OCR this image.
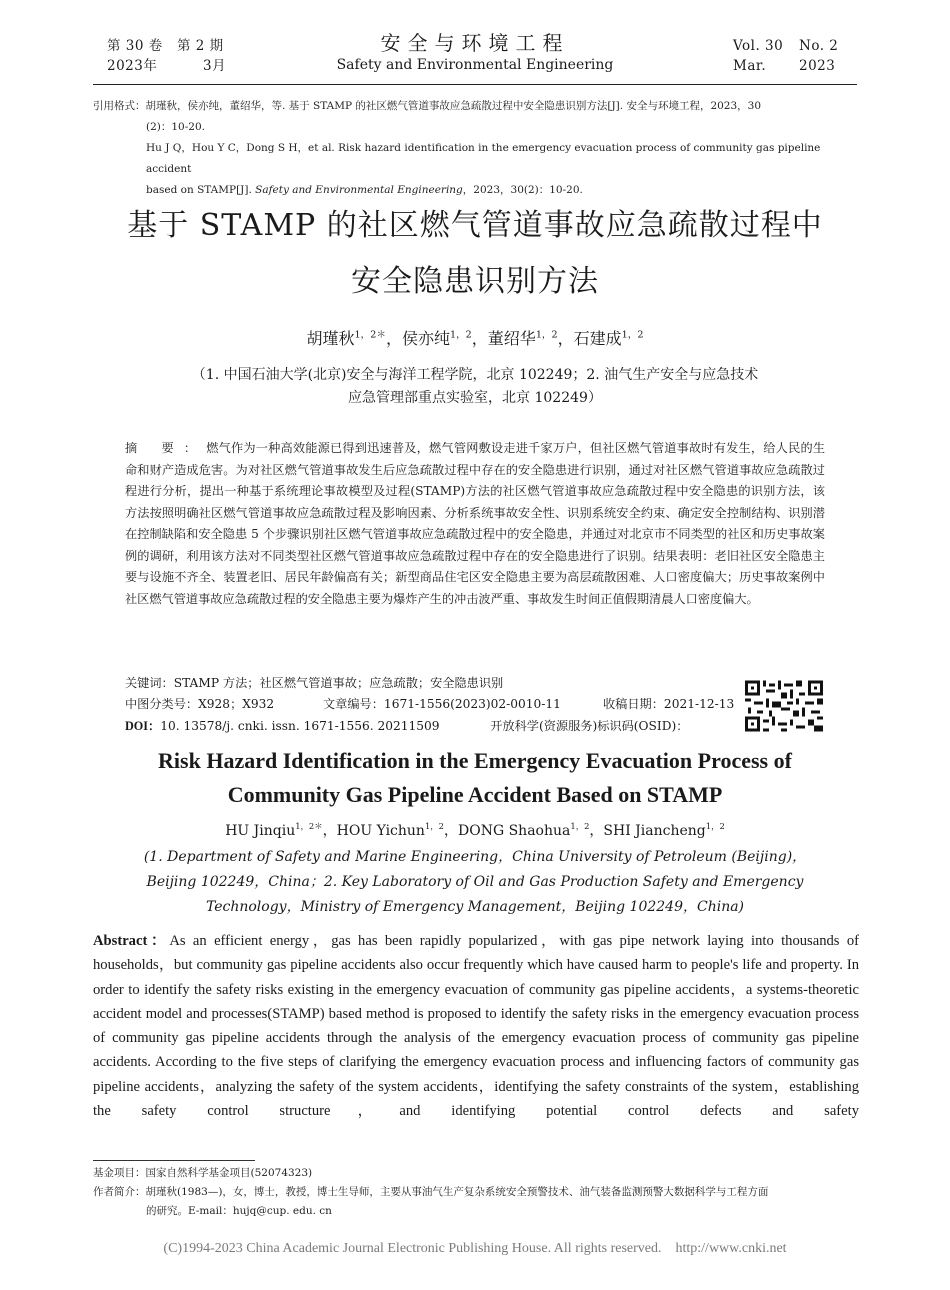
第 30 卷 第 2 期
2023年	3月
安全与环境工程
Safety and Environmental Engineering
Vol. 30 No. 2
Mar. 2023

引用格式：胡瑾秋，侯亦纯，董绍华，等. 基于 STAMP 的社区燃气管道事故应急疏散过程中安全隐患识别方法[J]. 安全与环境工程，2023，30

(2)：10-20.

Hu J Q，Hou Y C，Dong S H，et al. Risk hazard identification in the emergency evacuation process of community gas pipeline accident

based on STAMP[J]. Safety and Environmental Engineering，2023，30(2)：10-20.

基于 STAMP 的社区燃气管道事故应急疏散过程中
安全隐患识别方法
胡瑾秋$^{1,2*}$，侯亦纯$^{1,2}$，董绍华$^{1,2}$，石建成$^{1,2}$
（1. 中国石油大学(北京)安全与海洋工程学院，北京 102249；2. 油气生产安全与应急技术
应急管理部重点实验室，北京 102249）
摘 要：燃气作为一种高效能源已得到迅速普及，燃气管网敷设走进千家万户，但社区燃气管道事故时有发生，给人民的生命和财产造成危害。为对社区燃气管道事故发生后应急疏散过程中存在的安全隐患进行识别，通过对社区燃气管道事故应急疏散过程进行分析，提出一种基于系统理论事故模型及过程(STAMP)方法的社区燃气管道事故应急疏散过程中安全隐患的识别方法，该方法按照明确社区燃气管道事故应急疏散过程及影响因素、分析系统事故安全性、识别系统安全约束、确定安全控制结构、识别潜在控制缺陷和安全隐患 5 个步骤识别社区燃气管道事故应急疏散过程中的安全隐患，并通过对北京市不同类型的社区和历史事故案例的调研，利用该方法对不同类型社区燃气管道事故应急疏散过程中存在的安全隐患进行了识别。结果表明：老旧社区安全隐患主要与设施不齐全、装置老旧、居民年龄偏高有关；新型商品住宅区安全隐患主要为高层疏散困难、人口密度偏大；历史事故案例中社区燃气管道事故应急疏散过程的安全隐患主要为爆炸产生的冲击波严重、事故发生时间正值假期清晨人口密度偏大。
关键词：STAMP 方法；社区燃气管道事故；应急疏散；安全隐患识别
中图分类号：X928；X932	文章编号：1671-1556(2023)02-0010-11	收稿日期：2021-12-13
DOI：10. 13578/j. cnki. issn. 1671-1556. 20211509	开放科学(资源服务)标识码(OSID)：
Risk Hazard Identification in the Emergency Evacuation Process of
Community Gas Pipeline Accident Based on STAMP
HU Jinqiu$^{1,2*}$，HOU Yichun$^{1,2}$，DONG Shaohua$^{1,2}$，SHI Jiancheng$^{1,2}$
(1. Department of Safety and Marine Engineering，China University of Petroleum (Beijing)，
Beijing 102249，China；2. Key Laboratory of Oil and Gas Production Safety and Emergency
Technology，Ministry of Emergency Management，Beijing 102249，China)
Abstract：As an efficient energy，gas has been rapidly popularized，with gas pipe network laying into thousands of households，but community gas pipeline accidents also occur frequently which have caused harm to people's life and property. In order to identify the safety risks existing in the emergency evacuation of community gas pipeline accidents，a systems-theoretic accident model and processes(STAMP) based method is proposed to identify the safety risks in the emergency evacuation process of community gas pipeline accidents through the analysis of the emergency evacuation process of community gas pipeline accidents. According to the five steps of clarifying the emergency evacuation process and influencing factors of community gas pipeline accidents，analyzing the safety of the system accidents，identifying the safety constraints of the system，establishing the safety control structure，and identifying potential control defects and safety

基金项目：国家自然科学基金项目(52074323)

作者简介：胡瑾秋(1983—)，女，博士，教授，博士生导师，主要从事油气生产复杂系统安全预警技术、油气装备监测预警大数据科学与工程方面

的研究。E-mail：hujq@cup. edu. cn

(C)1994-2023 China Academic Journal Electronic Publishing House. All rights reserved.    http://www.cnki.net
